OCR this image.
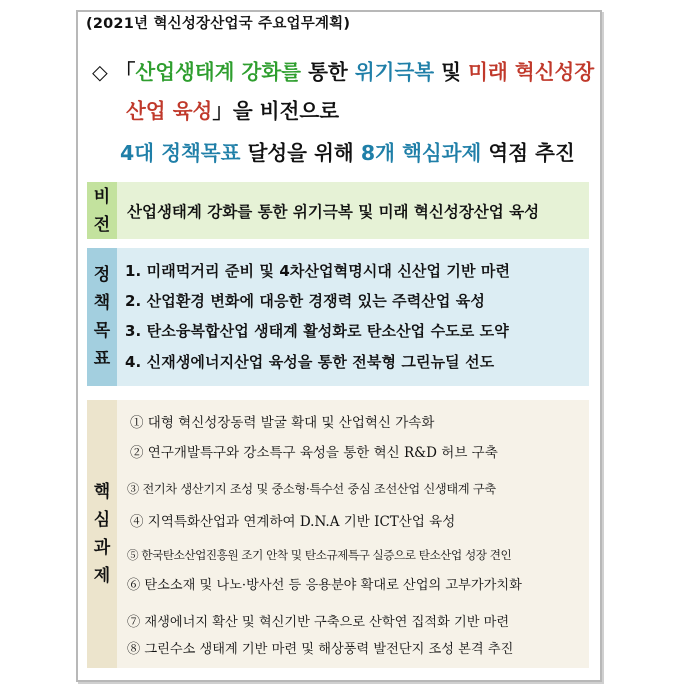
(2021년 혁신성장산업국 주요업무계획)
◇ 「산업생태계 강화를 통한 위기극복 및 미래 혁신성장
산업 육성」을 비전으로
4대 정책목표 달성을 위해 8개 핵심과제 역점 추진
비
전
산업생태계 강화를 통한 위기극복 및 미래 혁신성장산업 육성
정
책
목
표
1. 미래먹거리 준비 및 4차산업혁명시대 신산업 기반 마련
2. 산업환경 변화에 대응한 경쟁력 있는 주력산업 육성
3. 탄소융복합산업 생태계 활성화로 탄소산업 수도로 도약
4. 신재생에너지산업 육성을 통한 전북형 그린뉴딜 선도
핵
심
과
제
① 대형 혁신성장동력 발굴 확대 및 산업혁신 가속화
② 연구개발특구와 강소특구 육성을 통한 혁신 R&D 허브 구축
③ 전기차 생산기지 조성 및 중소형·특수선 중심 조선산업 신생태계 구축
④ 지역특화산업과 연계하여 D.N.A 기반 ICT산업 육성
⑤ 한국탄소산업진흥원 조기 안착 및 탄소규제특구 실증으로 탄소산업 성장 견인
⑥ 탄소소재 및 나노·방사선 등 응용분야 확대로 산업의 고부가가치화
⑦ 재생에너지 확산 및 혁신기반 구축으로 산학연 집적화 기반 마련
⑧ 그린수소 생태계 기반 마련 및 해상풍력 발전단지 조성 본격 추진
